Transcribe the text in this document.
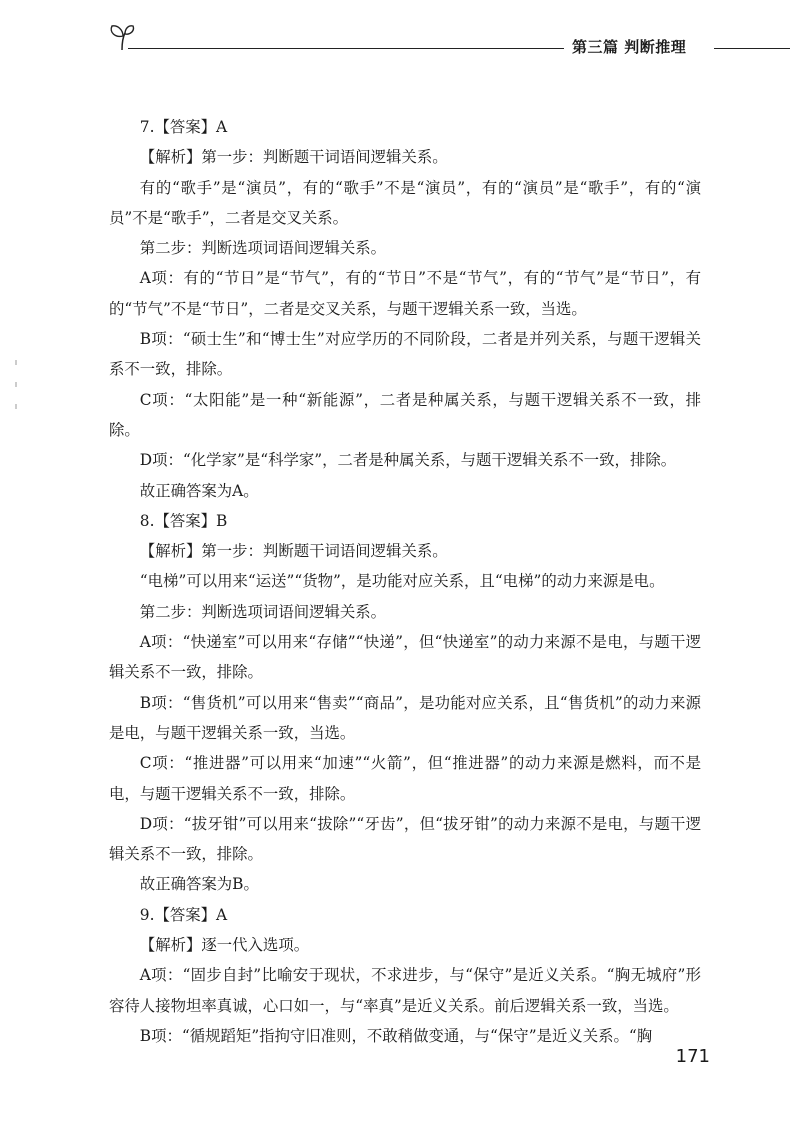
第三篇 判断推理

7.【答案】A

【解析】第一步：判断题干词语间逻辑关系。

有的“歌手”是“演员”，有的“歌手”不是“演员”，有的“演员”是“歌手”，有的“演员”不是“歌手”，二者是交叉关系。

第二步：判断选项词语间逻辑关系。

A项：有的“节日”是“节气”，有的“节日”不是“节气”，有的“节气”是“节日”，有的“节气”不是“节日”，二者是交叉关系，与题干逻辑关系一致，当选。

B项：“硕士生”和“博士生”对应学历的不同阶段，二者是并列关系，与题干逻辑关系不一致，排除。

C项：“太阳能”是一种“新能源”，二者是种属关系，与题干逻辑关系不一致，排除。

D项：“化学家”是“科学家”，二者是种属关系，与题干逻辑关系不一致，排除。

故正确答案为A。

8.【答案】B

【解析】第一步：判断题干词语间逻辑关系。

“电梯”可以用来“运送”“货物”，是功能对应关系，且“电梯”的动力来源是电。

第二步：判断选项词语间逻辑关系。

A项：“快递室”可以用来“存储”“快递”，但“快递室”的动力来源不是电，与题干逻辑关系不一致，排除。

B项：“售货机”可以用来“售卖”“商品”，是功能对应关系，且“售货机”的动力来源是电，与题干逻辑关系一致，当选。

C项：“推进器”可以用来“加速”“火箭”，但“推进器”的动力来源是燃料，而不是电，与题干逻辑关系不一致，排除。

D项：“拔牙钳”可以用来“拔除”“牙齿”，但“拔牙钳”的动力来源不是电，与题干逻辑关系不一致，排除。

故正确答案为B。

9.【答案】A

【解析】逐一代入选项。

A项：“固步自封”比喻安于现状，不求进步，与“保守”是近义关系。“胸无城府”形容待人接物坦率真诚，心口如一，与“率真”是近义关系。前后逻辑关系一致，当选。

B项：“循规蹈矩”指拘守旧准则，不敢稍做变通，与“保守”是近义关系。“胸

171
